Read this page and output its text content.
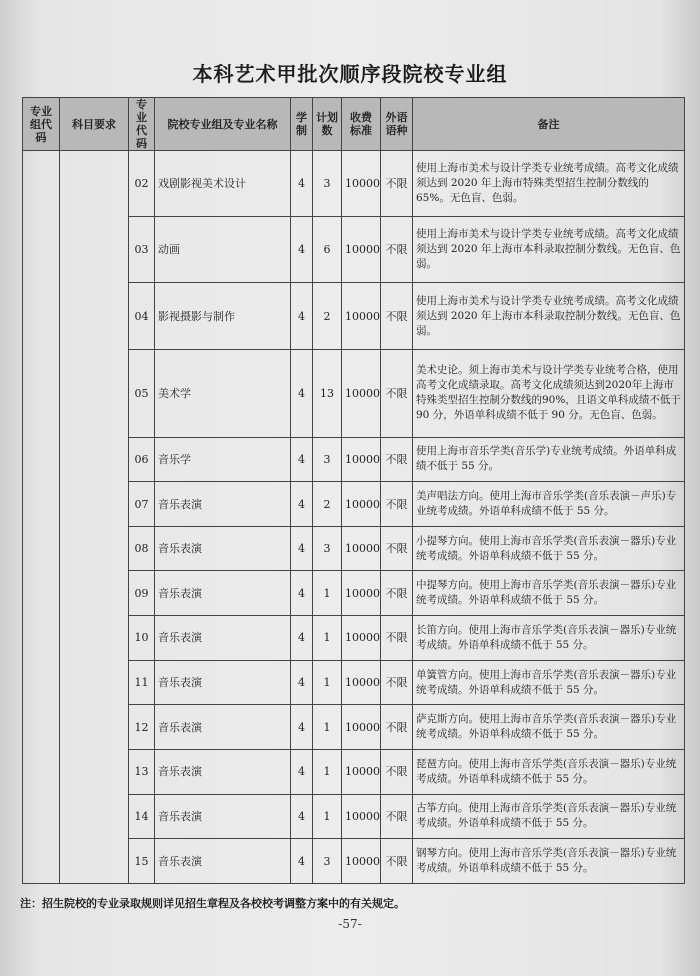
本科艺术甲批次顺序段院校专业组
专业组代码	科目要求	专业代码	院校专业组及专业名称	学制	计划数	收费标准	外语语种	备注
		02	戏剧影视美术设计	4	3	10000	不限	使用上海市美术与设计学类专业统考成绩。高考文化成绩须达到 2020 年上海市特殊类型招生控制分数线的 65%。无色盲、色弱。
		03	动画	4	6	10000	不限	使用上海市美术与设计学类专业统考成绩。高考文化成绩须达到 2020 年上海市本科录取控制分数线。无色盲、色弱。
		04	影视摄影与制作	4	2	10000	不限	使用上海市美术与设计学类专业统考成绩。高考文化成绩须达到 2020 年上海市本科录取控制分数线。无色盲、色弱。
		05	美术学	4	13	10000	不限	美术史论。须上海市美术与设计学类专业统考合格，使用高考文化成绩录取。高考文化成绩须达到2020年上海市特殊类型招生控制分数线的90%，且语文单科成绩不低于 90 分，外语单科成绩不低于 90 分。无色盲、色弱。
		06	音乐学	4	3	10000	不限	使用上海市音乐学类(音乐学)专业统考成绩。外语单科成绩不低于 55 分。
		07	音乐表演	4	2	10000	不限	美声唱法方向。使用上海市音乐学类(音乐表演－声乐)专业统考成绩。外语单科成绩不低于 55 分。
		08	音乐表演	4	3	10000	不限	小提琴方向。使用上海市音乐学类(音乐表演－器乐)专业统考成绩。外语单科成绩不低于 55 分。
		09	音乐表演	4	1	10000	不限	中提琴方向。使用上海市音乐学类(音乐表演－器乐)专业统考成绩。外语单科成绩不低于 55 分。
		10	音乐表演	4	1	10000	不限	长笛方向。使用上海市音乐学类(音乐表演－器乐)专业统考成绩。外语单科成绩不低于 55 分。
		11	音乐表演	4	1	10000	不限	单簧管方向。使用上海市音乐学类(音乐表演－器乐)专业统考成绩。外语单科成绩不低于 55 分。
		12	音乐表演	4	1	10000	不限	萨克斯方向。使用上海市音乐学类(音乐表演－器乐)专业统考成绩。外语单科成绩不低于 55 分。
		13	音乐表演	4	1	10000	不限	琵琶方向。使用上海市音乐学类(音乐表演－器乐)专业统考成绩。外语单科成绩不低于 55 分。
		14	音乐表演	4	1	10000	不限	古筝方向。使用上海市音乐学类(音乐表演－器乐)专业统考成绩。外语单科成绩不低于 55 分。
		15	音乐表演	4	3	10000	不限	钢琴方向。使用上海市音乐学类(音乐表演－器乐)专业统考成绩。外语单科成绩不低于 55 分。
注：招生院校的专业录取规则详见招生章程及各校校考调整方案中的有关规定。
-57-
